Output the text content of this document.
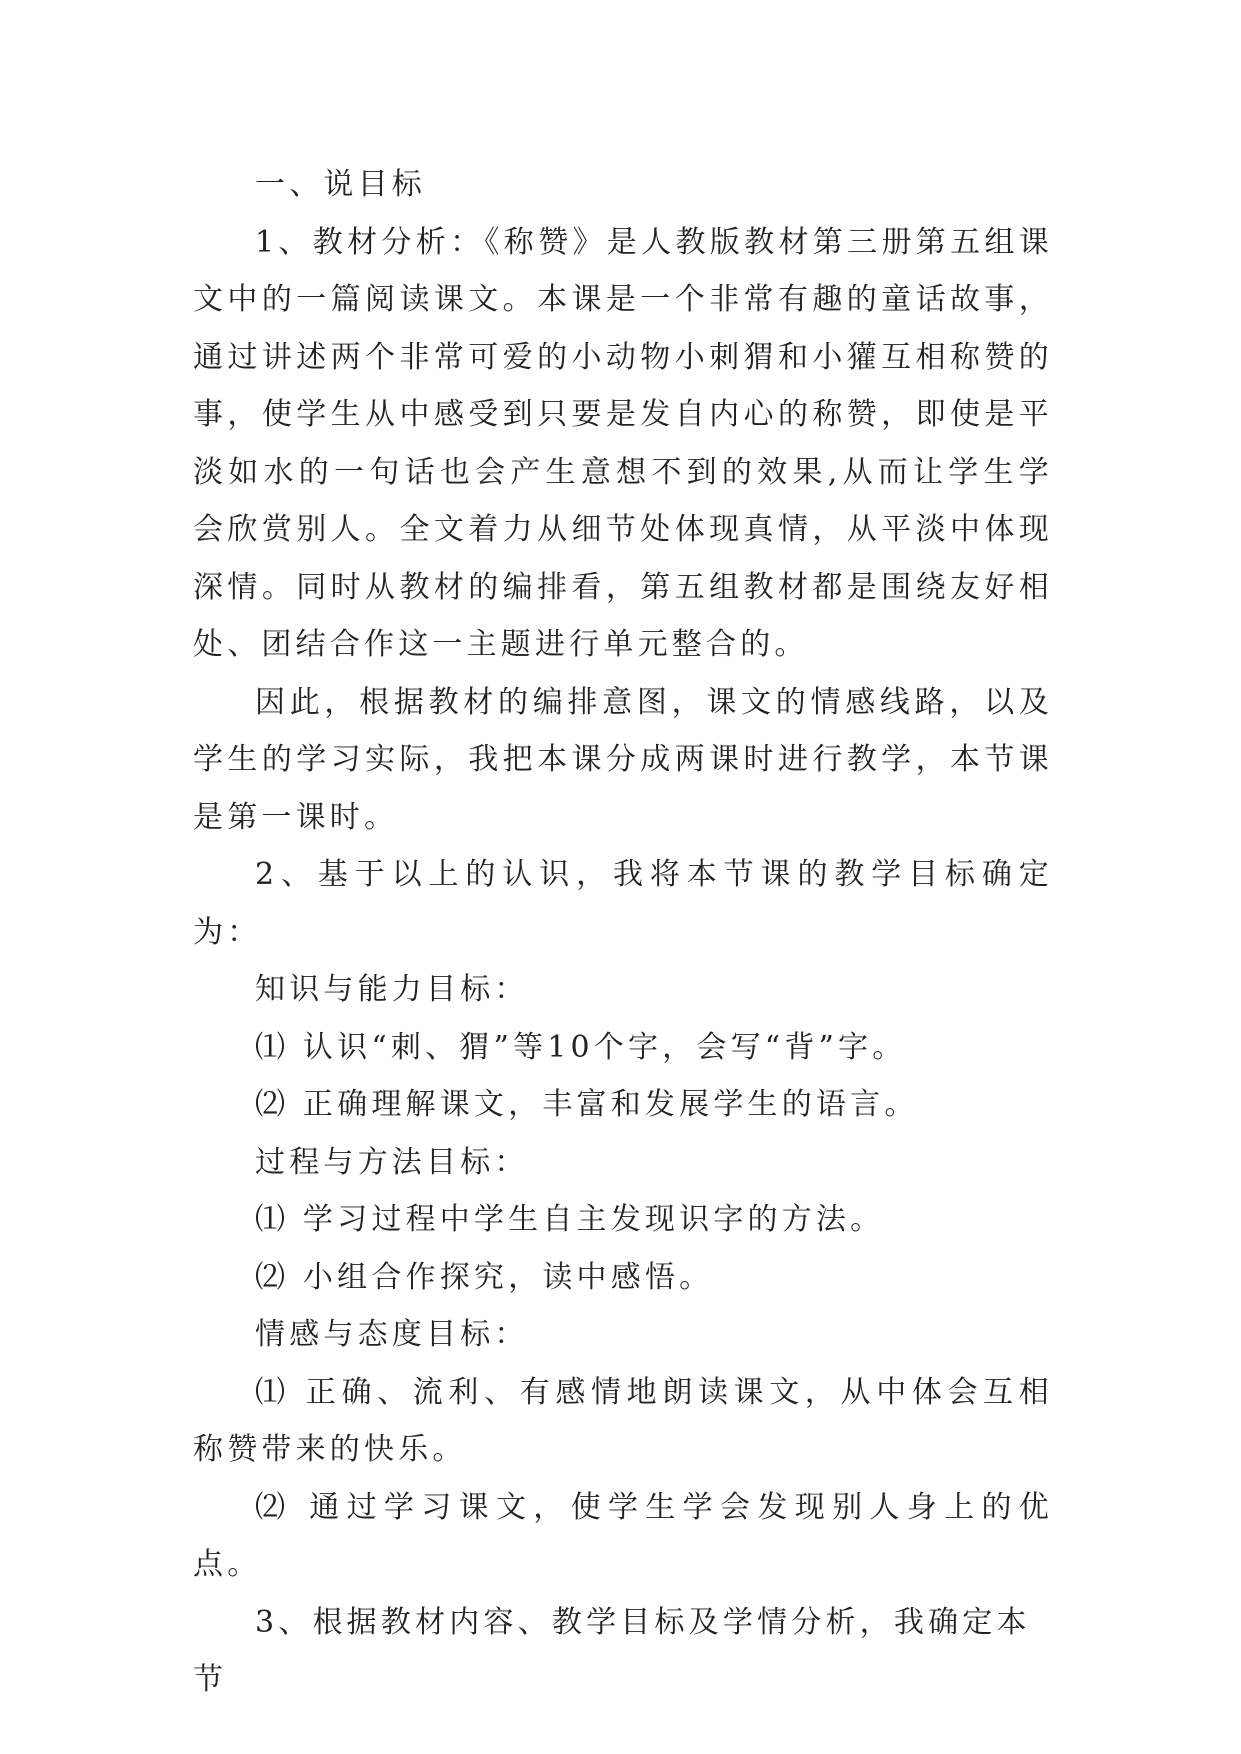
一、说目标

1、教材分析：《称赞》是人教版教材第三册第五组课文中的一篇阅读课文。本课是一个非常有趣的童话故事，通过讲述两个非常可爱的小动物小刺猬和小獾互相称赞的事，使学生从中感受到只要是发自内心的称赞，即使是平淡如水的一句话也会产生意想不到的效果,从而让学生学会欣赏别人。全文着力从细节处体现真情，从平淡中体现深情。同时从教材的编排看，第五组教材都是围绕友好相处、团结合作这一主题进行单元整合的。

因此，根据教材的编排意图，课文的情感线路，以及学生的学习实际，我把本课分成两课时进行教学，本节课是第一课时。

2、基于以上的认识，我将本节课的教学目标确定为：

知识与能力目标：

⑴ 认识“刺、猬”等10个字，会写“背”字。

⑵ 正确理解课文，丰富和发展学生的语言。

过程与方法目标：

⑴ 学习过程中学生自主发现识字的方法。

⑵ 小组合作探究，读中感悟。

情感与态度目标：

⑴ 正确、流利、有感情地朗读课文，从中体会互相称赞带来的快乐。

⑵ 通过学习课文，使学生学会发现别人身上的优点。

3、根据教材内容、教学目标及学情分析，我确定本节
